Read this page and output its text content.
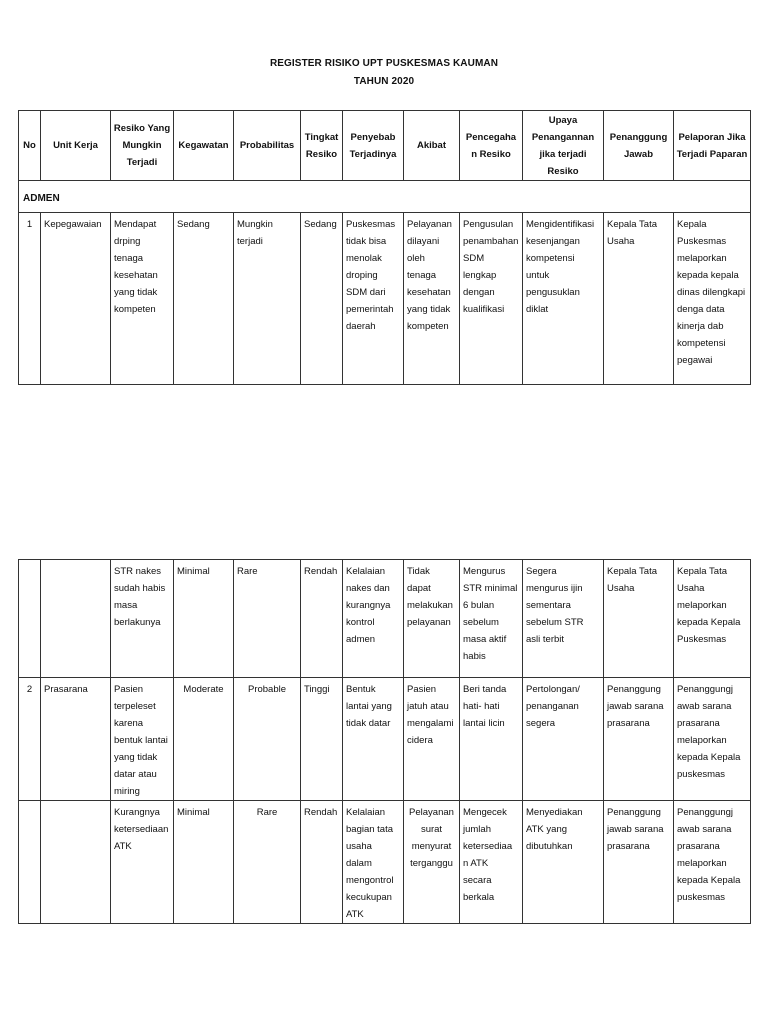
REGISTER RISIKO UPT PUSKESMAS KAUMAN
TAHUN 2020
No	Unit Kerja	Resiko Yang Mungkin Terjadi	Kegawatan	Probabilitas	Tingkat Resiko	Penyebab Terjadinya	Akibat	Pencegaha n Resiko	Upaya Penangannan jika terjadi Resiko	Penanggung Jawab	Pelaporan Jika Terjadi Paparan
ADMEN											
1	Kepegawaian	Mendapat drping tenaga kesehatan yang tidak kompeten	Sedang	Mungkin terjadi	Sedang	Puskesmas tidak bisa menolak droping SDM dari pemerintah daerah	Pelayanan dilayani oleh tenaga kesehatan yang tidak kompeten	Pengusulan penambahan SDM lengkap dengan kualifikasi	Mengidentifikasi kesenjangan kompetensi untuk pengusuklan diklat	Kepala Tata Usaha	Kepala Puskesmas melaporkan kepada kepala dinas dilengkapi denga data kinerja dab kompetensi pegawai
		STR nakes sudah habis masa berlakunya	Minimal	Rare	Rendah	Kelalaian nakes dan kurangnya kontrol admen	Tidak dapat melakukan pelayanan	Mengurus STR minimal 6 bulan sebelum masa aktif habis	Segera mengurus ijin sementara sebelum STR asli terbit	Kepala Tata Usaha	Kepala Tata Usaha melaporkan kepada Kepala Puskesmas
2	Prasarana	Pasien terpeleset karena bentuk lantai yang tidak datar atau miring	Moderate	Probable	Tinggi	Bentuk lantai yang tidak datar	Pasien jatuh atau mengalami cidera	Beri tanda hati- hati lantai licin	Pertolongan/ penanganan segera	Penanggung jawab sarana prasarana	Penanggungj awab sarana prasarana melaporkan kepada Kepala puskesmas
		Kurangnya ketersediaan ATK	Minimal	Rare	Rendah	Kelalaian bagian tata usaha dalam mengontrol kecukupan ATK	Pelayanan surat menyurat terganggu	Mengecek jumlah ketersediaa n ATK secara berkala	Menyediakan ATK yang dibutuhkan	Penanggung jawab sarana prasarana	Penanggungj awab sarana prasarana melaporkan kepada Kepala puskesmas
